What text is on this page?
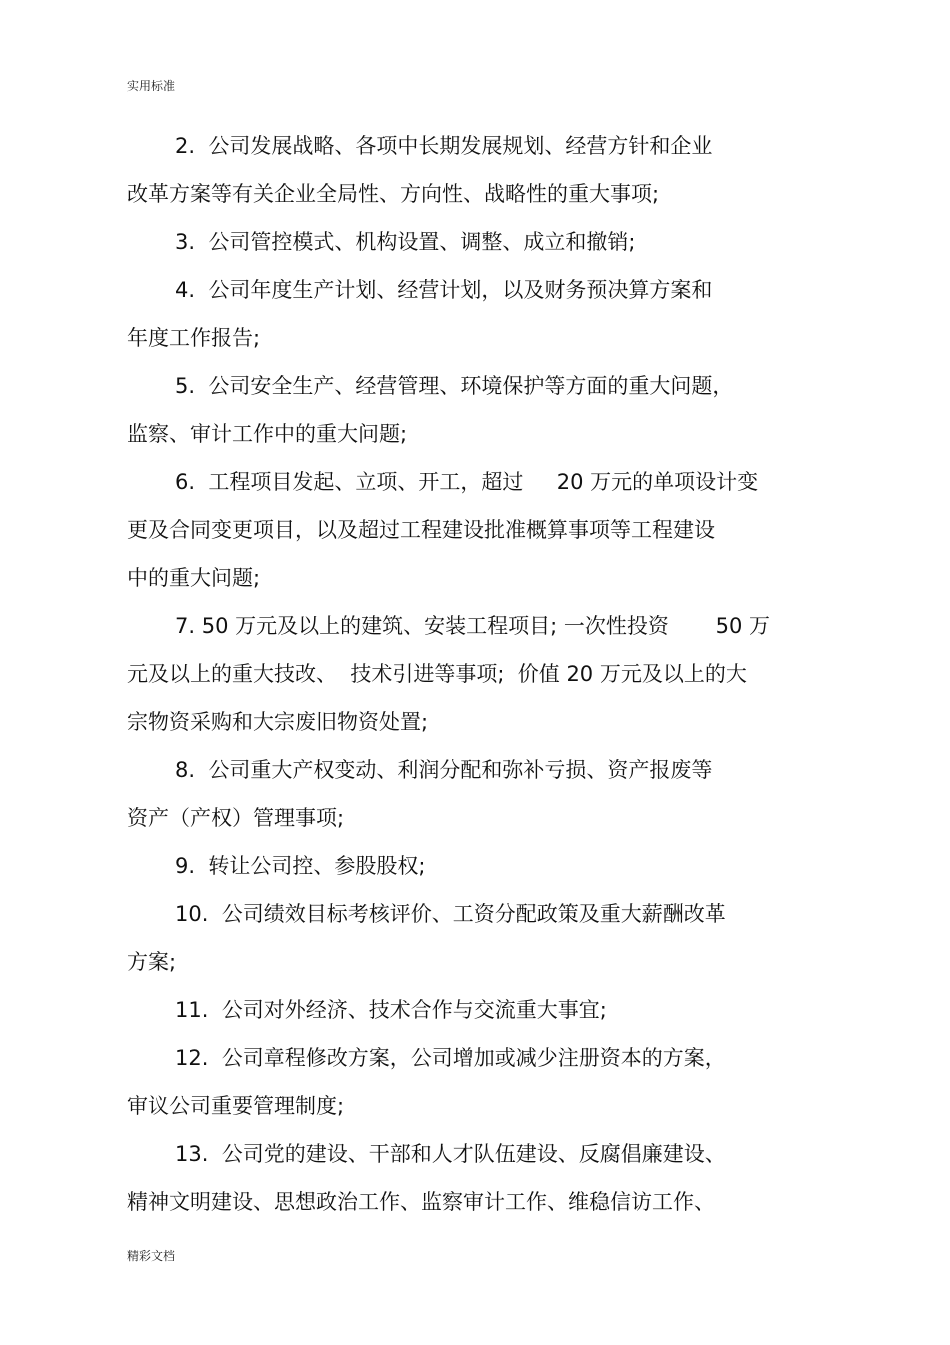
实用标准
2.  公司发展战略、各项中长期发展规划、经营方针和企业
改革方案等有关企业全局性、方向性、战略性的重大事项;
3.  公司管控模式、机构设置、调整、成立和撤销;
4.  公司年度生产计划、经营计划，以及财务预决算方案和
年度工作报告;
5.  公司安全生产、经营管理、环境保护等方面的重大问题，
监察、审计工作中的重大问题;
6.  工程项目发起、立项、开工，超过     20 万元的单项设计变
更及合同变更项目，以及超过工程建设批准概算事项等工程建设
中的重大问题;
7. 50 万元及以上的建筑、安装工程项目; 一次性投资       50 万
元及以上的重大技改、  技术引进等事项;  价值 20 万元及以上的大
宗物资采购和大宗废旧物资处置;
8.  公司重大产权变动、利润分配和弥补亏损、资产报废等
资产（产权）管理事项;
9.  转让公司控、参股股权;
10.  公司绩效目标考核评价、工资分配政策及重大薪酬改革
方案;
11.  公司对外经济、技术合作与交流重大事宜;
12.  公司章程修改方案，公司增加或减少注册资本的方案，
审议公司重要管理制度;
13.  公司党的建设、干部和人才队伍建设、反腐倡廉建设、
精神文明建设、思想政治工作、监察审计工作、维稳信访工作、
精彩文档
